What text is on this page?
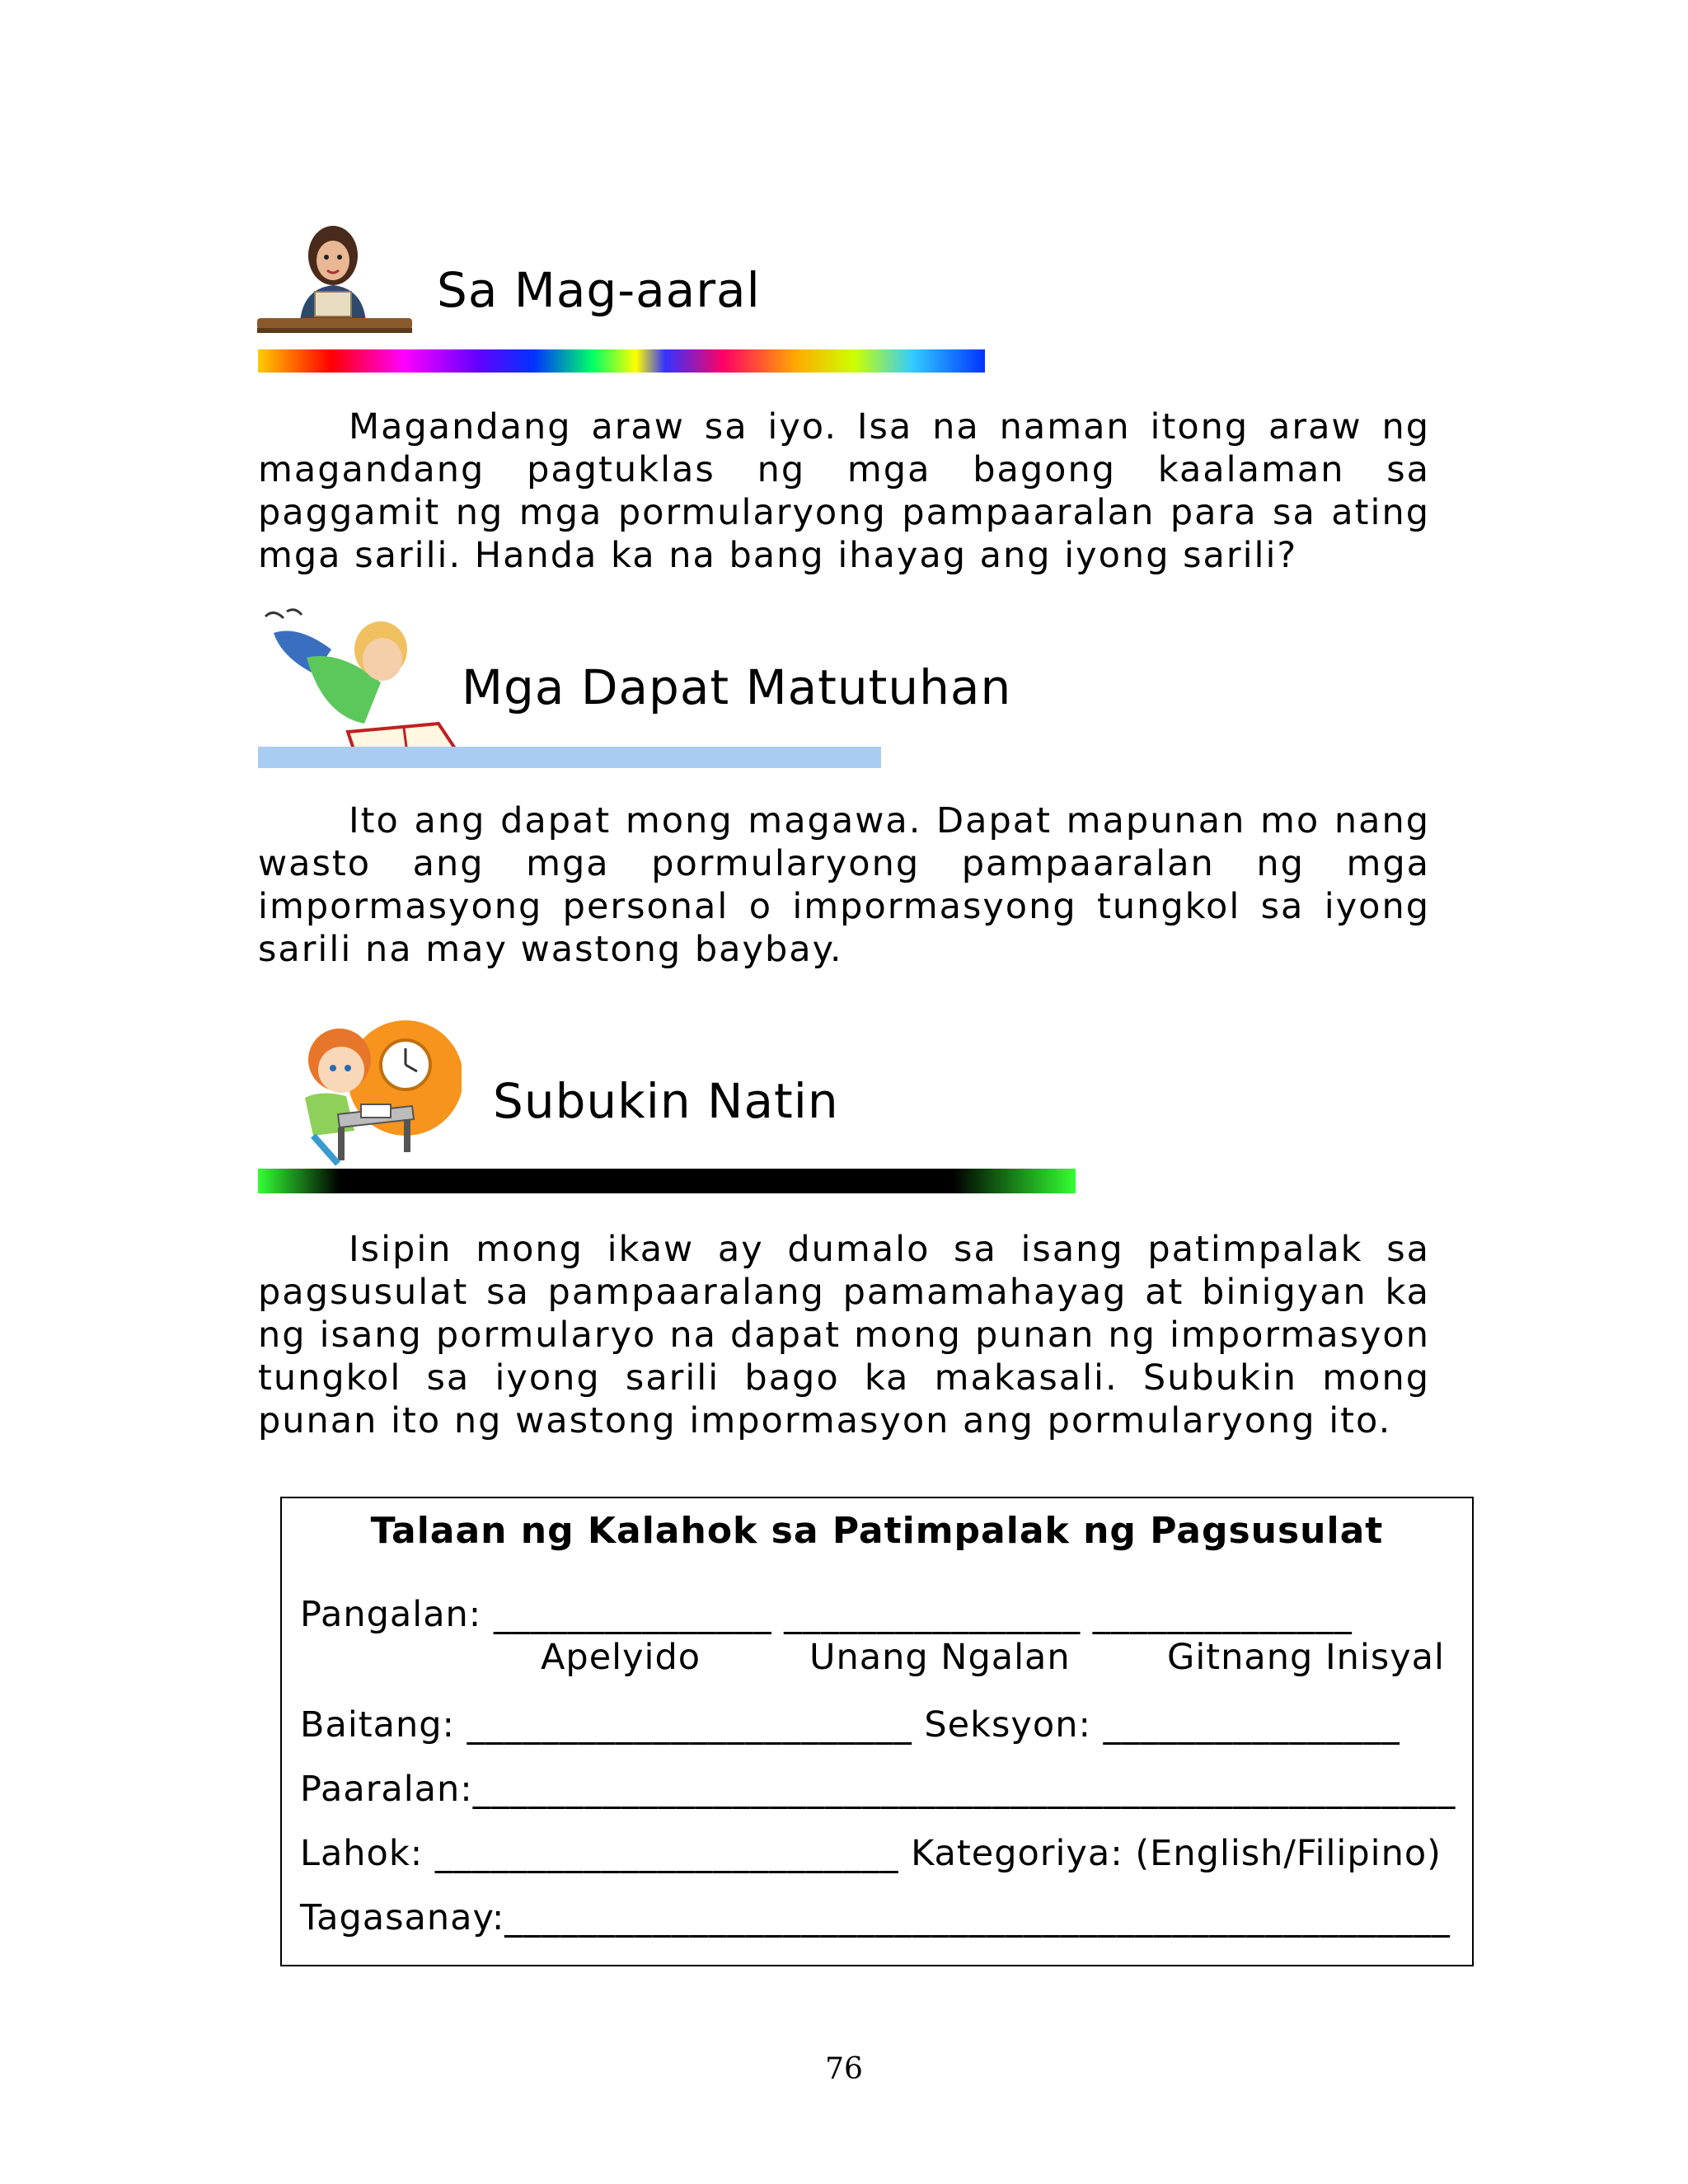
Sa Mag-aaral
Magandang araw sa iyo. Isa na naman itong araw ng magandang pagtuklas ng mga bagong kaalaman sa paggamit ng mga pormularyong pampaaralan para sa ating mga sarili. Handa ka na bang ihayag ang iyong sarili?
Mga Dapat Matutuhan
Ito ang dapat mong magawa. Dapat mapunan mo nang wasto ang mga pormularyong pampaaralan ng mga impormasyong personal o impormasyong tungkol sa iyong sarili na may wastong baybay.
Subukin Natin
Isipin mong ikaw ay dumalo sa isang patimpalak sa pagsusulat sa pampaaralang pamamahayag at binigyan ka ng isang pormularyo na dapat mong punan ng impormasyon tungkol sa iyong sarili bago ka makasali. Subukin mong punan ito ng wastong impormasyon ang pormularyong ito.
Talaan ng Kalahok sa Patimpalak ng Pagsusulat
Pangalan: _______________ ________________ ______________
Apelyido	Unang Ngalan	Gitnang Inisyal
Baitang: ________________________ Seksyon: ________________
Paaralan:_____________________________________________________
Lahok: _________________________ Kategoriya: (English/Filipino)
Tagasanay:___________________________________________________
76
